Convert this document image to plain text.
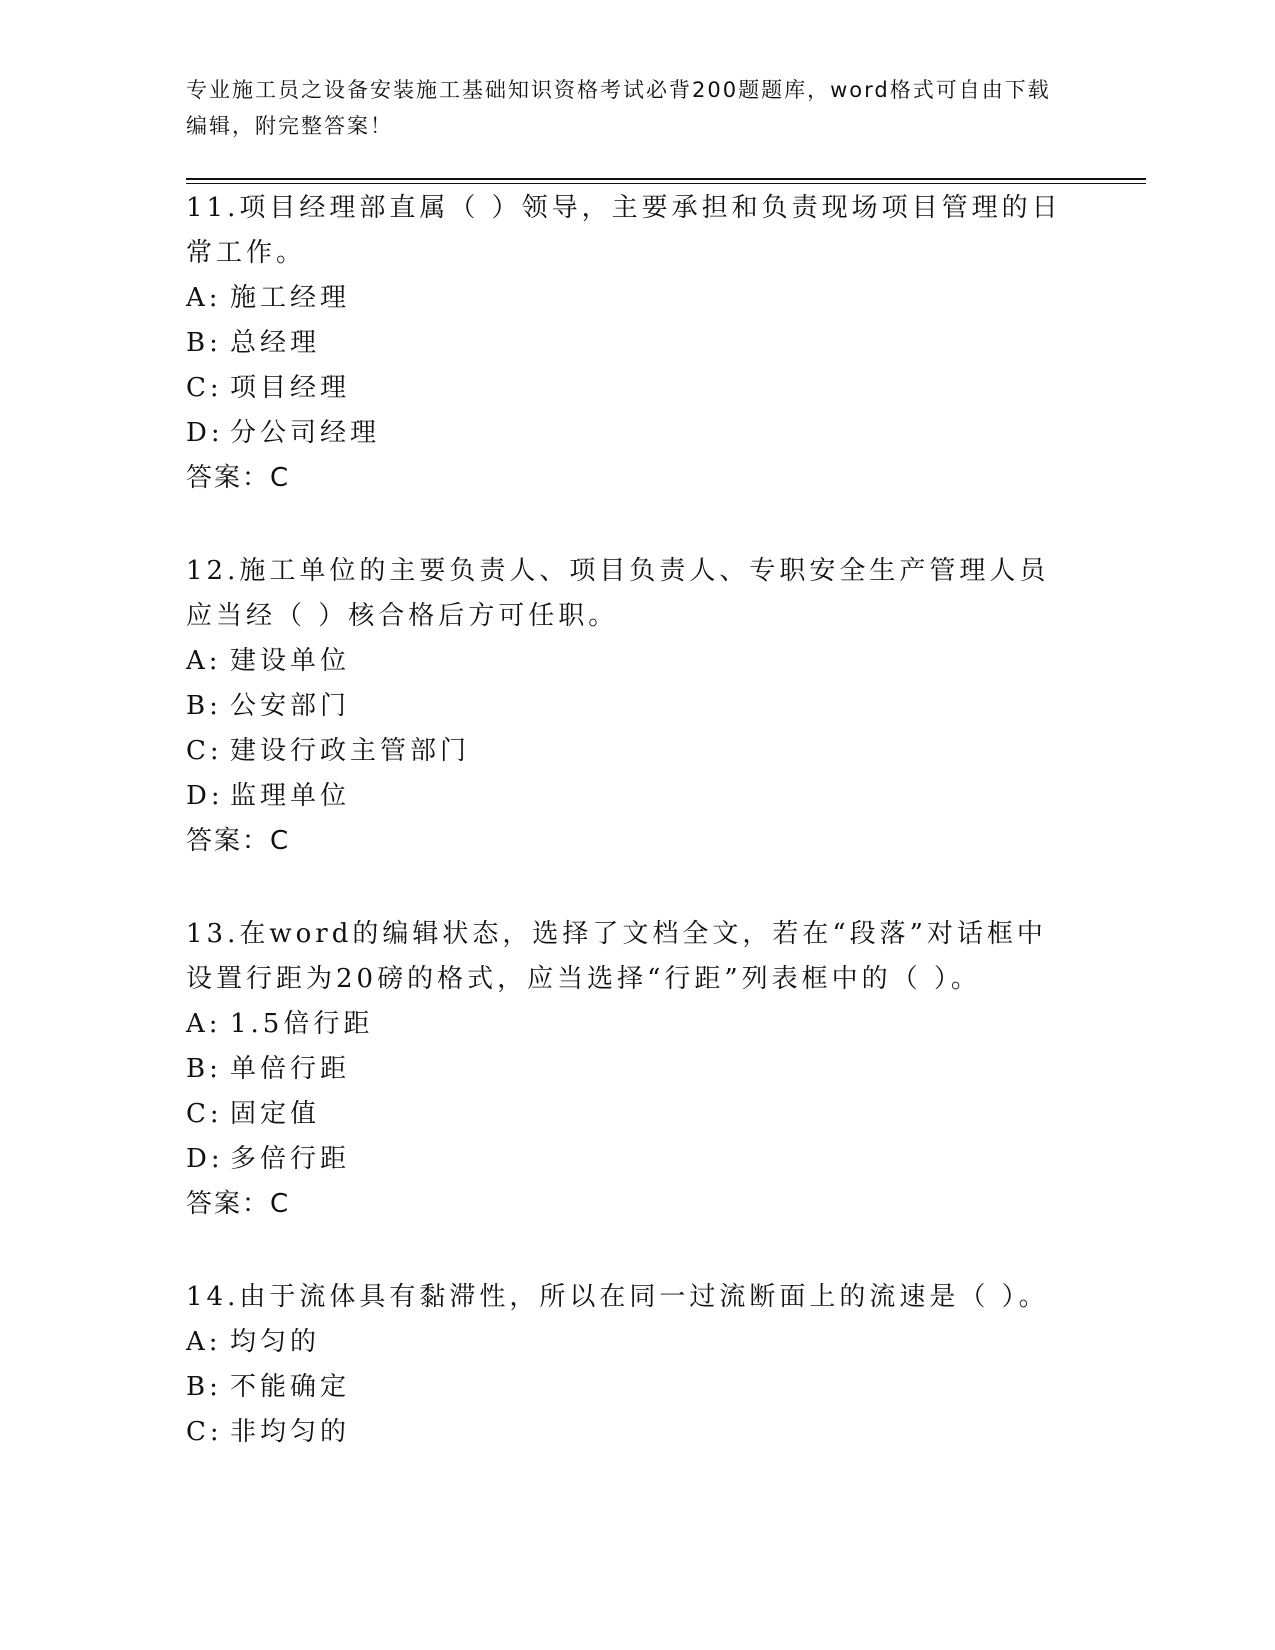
专业施工员之设备安装施工基础知识资格考试必背200题题库，word格式可自由下载编辑，附完整答案！

11.项目经理部直属（ ）领导，主要承担和负责现场项目管理的日常工作。

A: 施工经理
B: 总经理
C: 项目经理
D: 分公司经理
答案：C

12.施工单位的主要负责人、项目负责人、专职安全生产管理人员应当经（ ）核合格后方可任职。

A: 建设单位
B: 公安部门
C: 建设行政主管部门
D: 监理单位
答案：C

13.在word的编辑状态，选择了文档全文，若在“段落”对话框中设置行距为20磅的格式，应当选择“行距”列表框中的（ ）。

A: 1.5倍行距
B: 单倍行距
C: 固定值
D: 多倍行距
答案：C

14.由于流体具有黏滞性，所以在同一过流断面上的流速是（ ）。

A: 均匀的
B: 不能确定
C: 非均匀的
